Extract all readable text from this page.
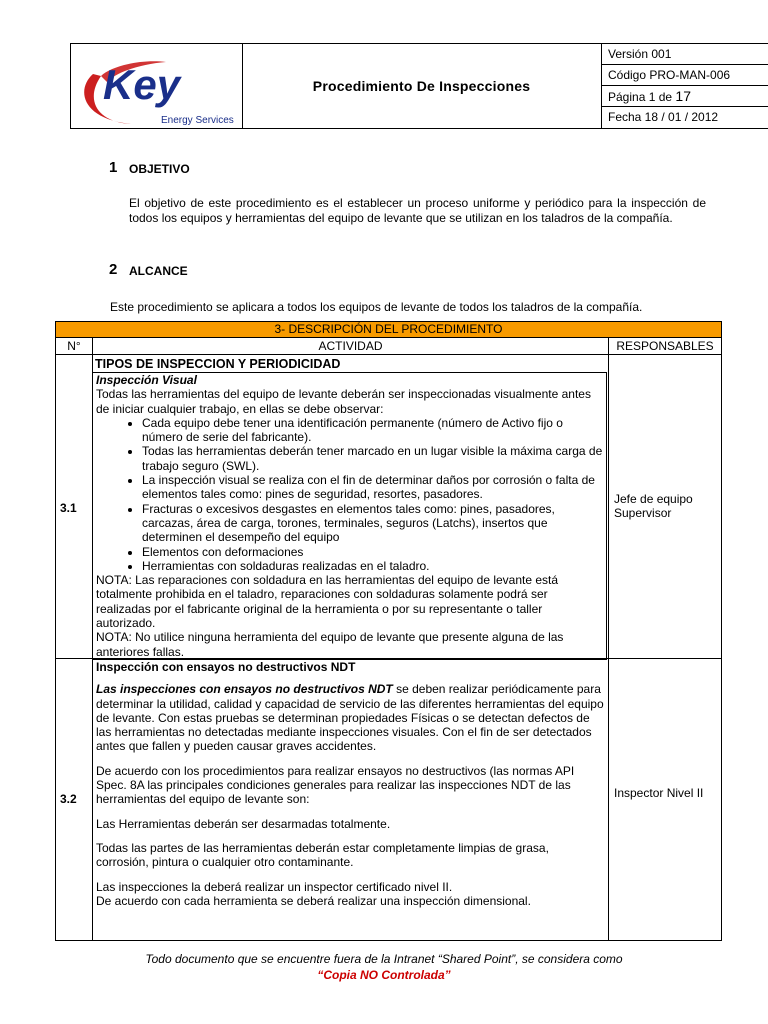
Key
Energy Services
Procedimiento De Inspecciones
Versión 001
Código PRO-MAN-006
Página 1 de 17
Fecha 18 / 01 / 2012
1 OBJETIVO
El objetivo de este procedimiento es el establecer un proceso uniforme y periódico para la inspección de todos los equipos y herramientas del equipo de levante que se utilizan en los taladros de la compañía.
2 ALCANCE
Este procedimiento se aplicara a todos los equipos de levante de todos los taladros de la compañía.
3- DESCRIPCIÓN DEL PROCEDIMIENTO
N°	ACTIVIDAD	RESPONSABLES
3.1
TIPOS DE INSPECCION Y PERIODICIDAD
Inspección Visual
Todas las herramientas del equipo de levante deberán ser inspeccionadas visualmente antes de iniciar cualquier trabajo, en ellas se debe observar:
• Cada equipo debe tener una identificación permanente (número de Activo fijo o número de serie del fabricante).
• Todas las herramientas deberán tener marcado en un lugar visible la máxima carga de trabajo seguro (SWL).
• La inspección visual se realiza con el fin de determinar daños por corrosión o falta de elementos tales como: pines de seguridad, resortes, pasadores.
• Fracturas o excesivos desgastes en elementos tales como: pines, pasadores, carcazas, área de carga, torones, terminales, seguros (Latchs), insertos que determinen el desempeño del equipo
• Elementos con deformaciones
• Herramientas con soldaduras realizadas en el taladro.
NOTA: Las reparaciones con soldadura en las herramientas del equipo de levante está totalmente prohibida en el taladro, reparaciones con soldaduras solamente podrá ser realizadas por el fabricante original de la herramienta o por su representante o taller autorizado.
NOTA: No utilice ninguna herramienta del equipo de levante que presente alguna de las anteriores fallas.
Jefe de equipo
Supervisor
3.2
Inspección con ensayos no destructivos NDT
Las inspecciones con ensayos no destructivos NDT se deben realizar periódicamente para determinar la utilidad, calidad y capacidad de servicio de las diferentes herramientas del equipo de levante. Con estas pruebas se determinan propiedades Físicas o se detectan defectos de las herramientas no detectadas mediante inspecciones visuales. Con el fin de ser detectados antes que fallen y pueden causar graves accidentes.
De acuerdo con los procedimientos para realizar ensayos no destructivos (las normas API Spec. 8A las principales condiciones generales para realizar las inspecciones NDT de las herramientas del equipo de levante son:
Las Herramientas deberán ser desarmadas totalmente.
Todas las partes de las herramientas deberán estar completamente limpias de grasa, corrosión, pintura o cualquier otro contaminante.
Las inspecciones la deberá realizar un inspector certificado nivel II.
De acuerdo con cada herramienta se deberá realizar una inspección dimensional.
Inspector Nivel II
Todo documento que se encuentre fuera de la Intranet “Shared Point”, se considera como
“Copia NO Controlada”
